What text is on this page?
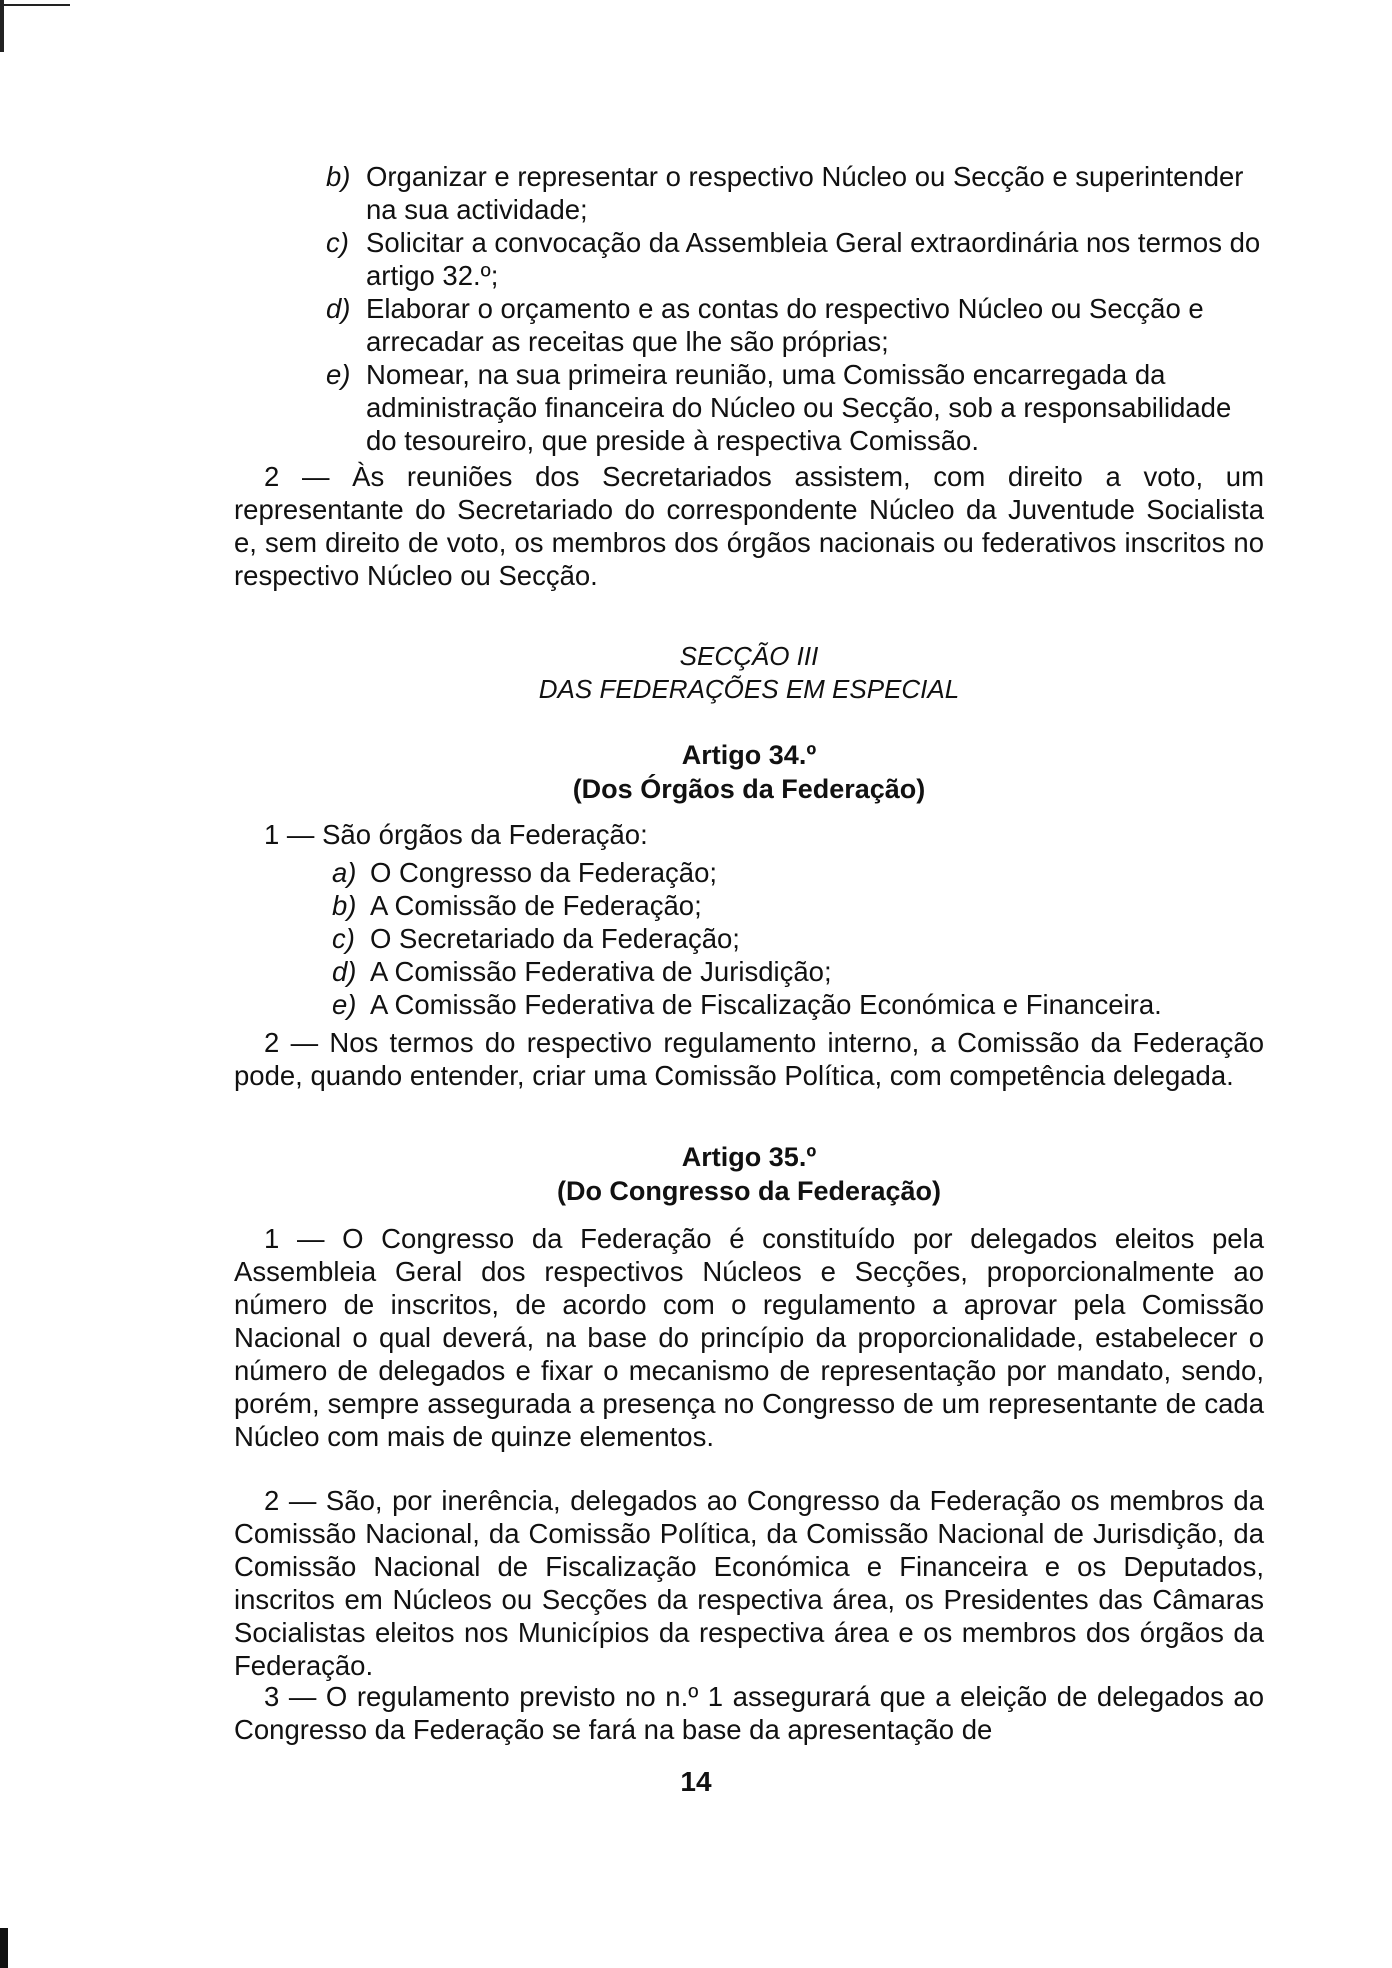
b) Organizar e representar o respectivo Núcleo ou Secção e superintender na sua actividade;
c) Solicitar a convocação da Assembleia Geral extraordinária nos termos do artigo 32.º;
d) Elaborar o orçamento e as contas do respectivo Núcleo ou Secção e arrecadar as receitas que lhe são próprias;
e) Nomear, na sua primeira reunião, uma Comissão encarregada da administração financeira do Núcleo ou Secção, sob a responsabilidade do tesoureiro, que preside à respectiva Comissão.
2 — Às reuniões dos Secretariados assistem, com direito a voto, um representante do Secretariado do correspondente Núcleo da Juventude Socialista e, sem direito de voto, os membros dos órgãos nacionais ou federativos inscritos no respectivo Núcleo ou Secção.
SECÇÃO III
DAS FEDERAÇÕES EM ESPECIAL
Artigo 34.º
(Dos Órgãos da Federação)
1 — São órgãos da Federação:
a) O Congresso da Federação;
b) A Comissão de Federação;
c) O Secretariado da Federação;
d) A Comissão Federativa de Jurisdição;
e) A Comissão Federativa de Fiscalização Económica e Financeira.
2 — Nos termos do respectivo regulamento interno, a Comissão da Federação pode, quando entender, criar uma Comissão Política, com competência delegada.
Artigo 35.º
(Do Congresso da Federação)
1 — O Congresso da Federação é constituído por delegados eleitos pela Assembleia Geral dos respectivos Núcleos e Secções, proporcionalmente ao número de inscritos, de acordo com o regulamento a aprovar pela Comissão Nacional o qual deverá, na base do princípio da proporcionalidade, estabelecer o número de delegados e fixar o mecanismo de representação por mandato, sendo, porém, sempre assegurada a presença no Congresso de um representante de cada Núcleo com mais de quinze elementos.
2 — São, por inerência, delegados ao Congresso da Federação os membros da Comissão Nacional, da Comissão Política, da Comissão Nacional de Jurisdição, da Comissão Nacional de Fiscalização Económica e Financeira e os Deputados, inscritos em Núcleos ou Secções da respectiva área, os Presidentes das Câmaras Socialistas eleitos nos Municípios da respectiva área e os membros dos órgãos da Federação.
3 — O regulamento previsto no n.º 1 assegurará que a eleição de delegados ao Congresso da Federação se fará na base da apresentação de
14
